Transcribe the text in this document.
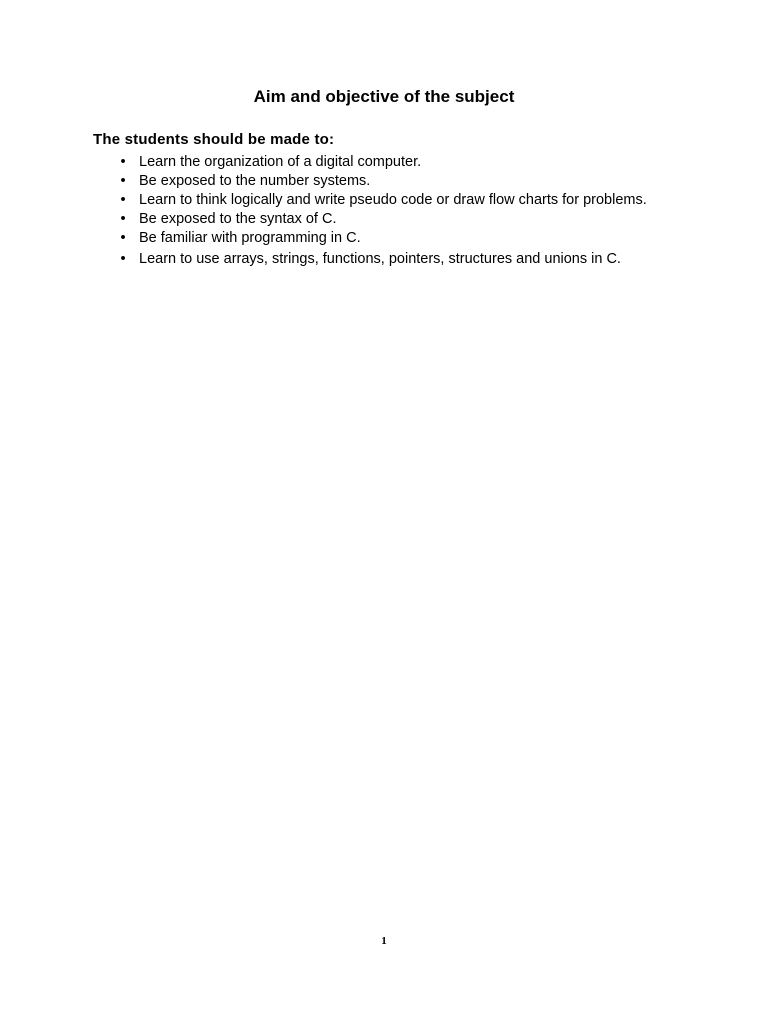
Aim and objective of the subject

The students should be made to:

• Learn the organization of a digital computer.
• Be exposed to the number systems.
• Learn to think logically and write pseudo code or draw flow charts for problems.
• Be exposed to the syntax of C.
• Be familiar with programming in C.
• Learn to use arrays, strings, functions, pointers, structures and unions in C.
1
